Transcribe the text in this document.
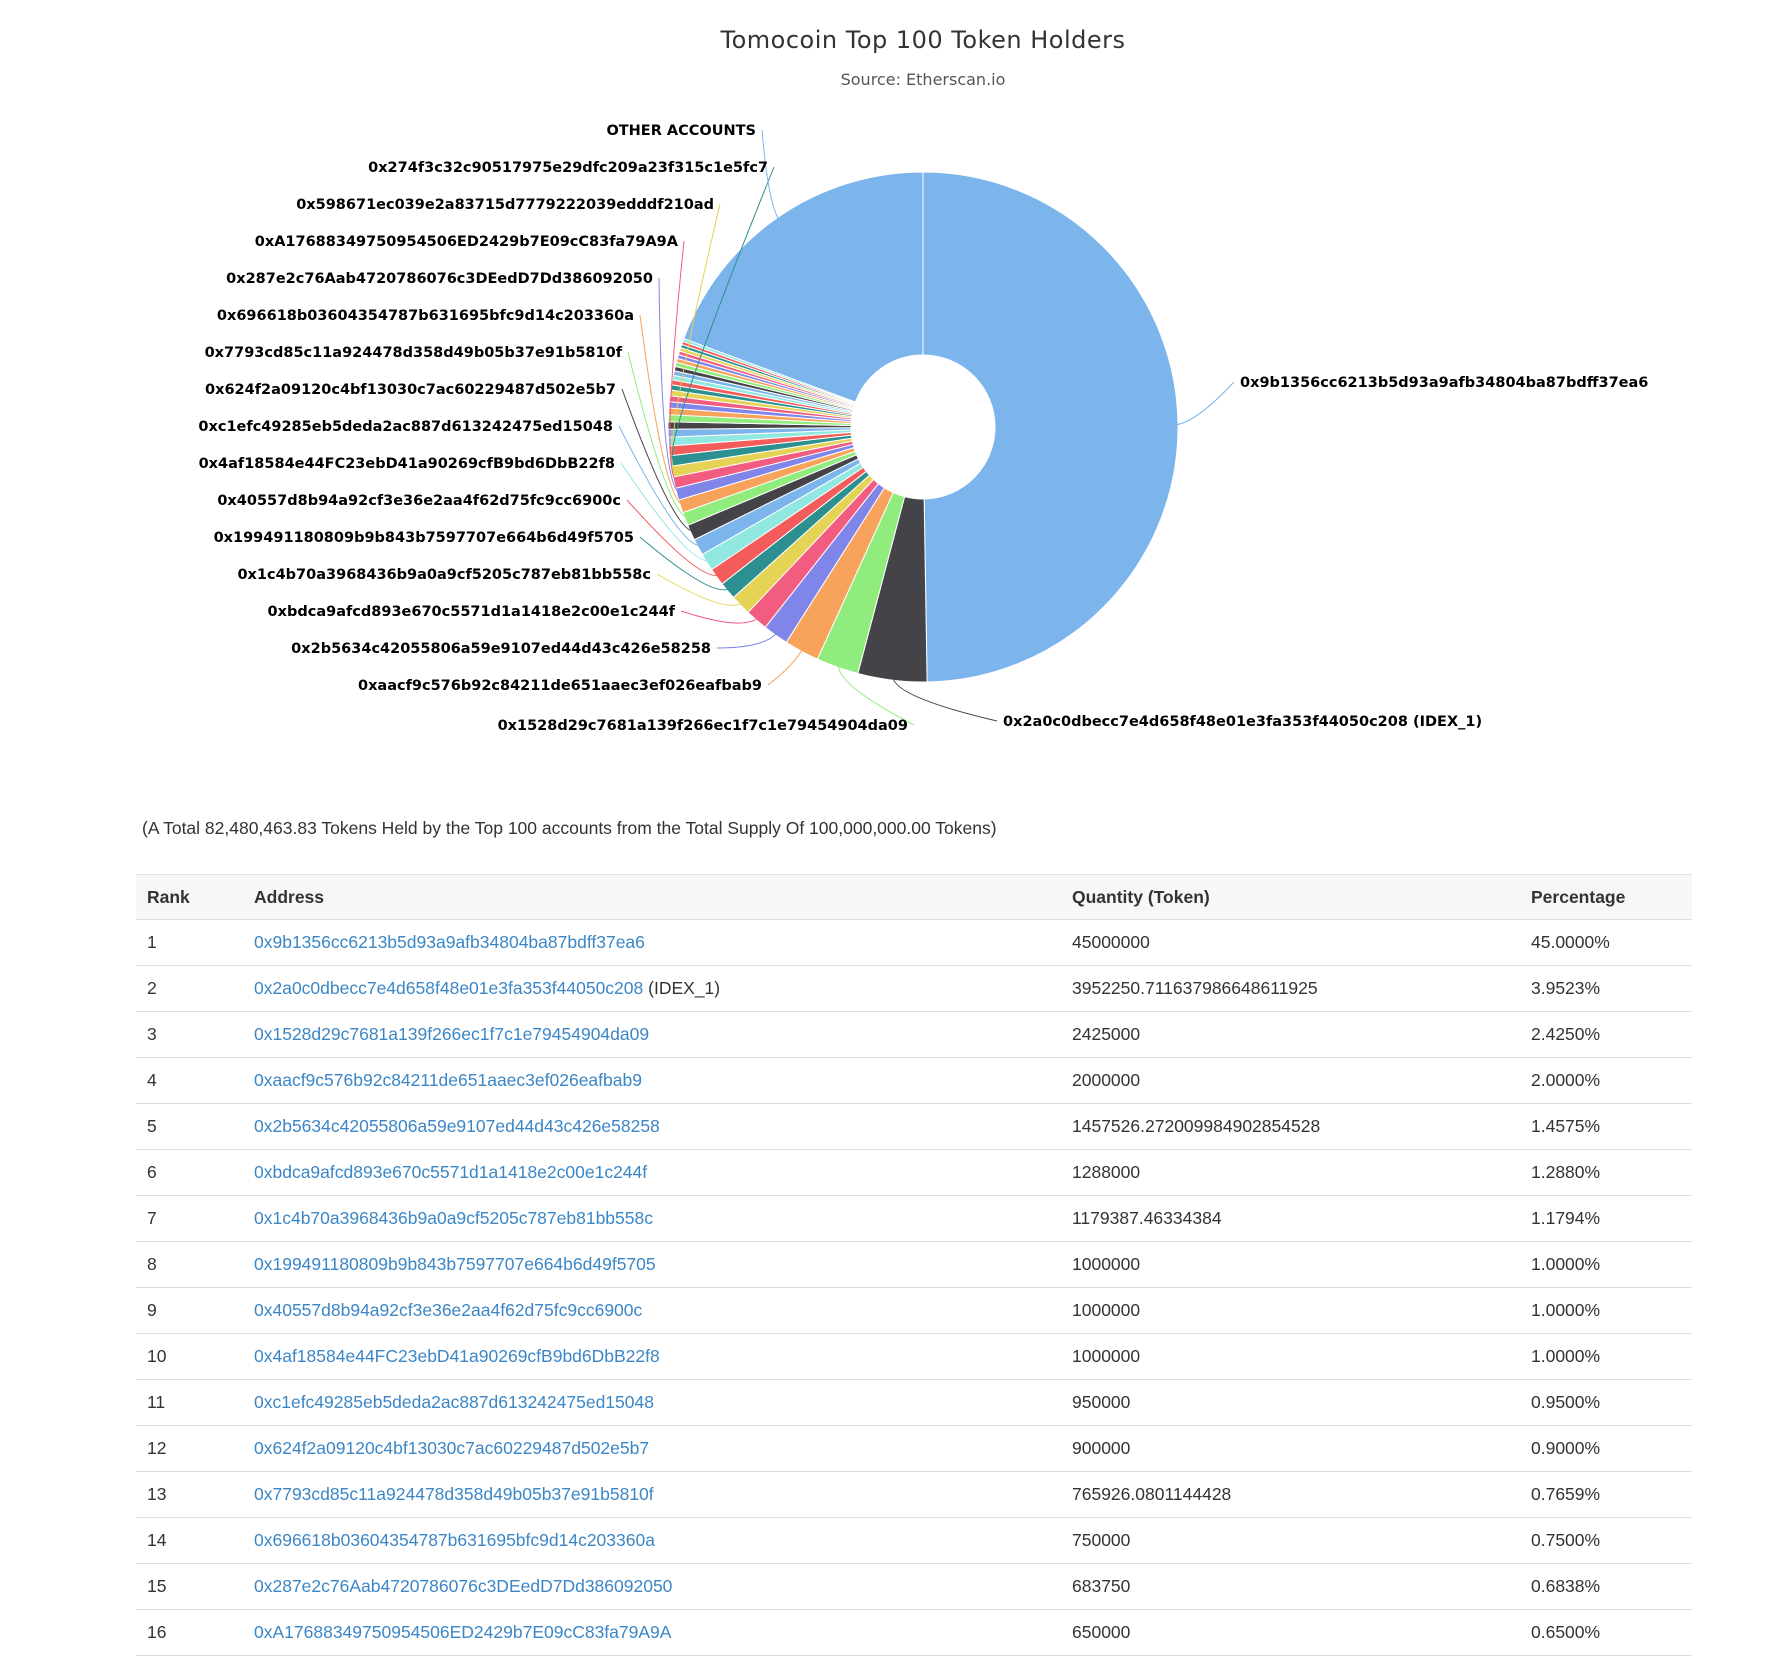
Tomocoin Top 100 Token Holders
Source: Etherscan.io
0x9b1356cc6213b5d93a9afb34804ba87bdff37ea6
0x2a0c0dbecc7e4d658f48e01e3fa353f44050c208 (IDEX_1)
0x1528d29c7681a139f266ec1f7c1e79454904da09
0xaacf9c576b92c84211de651aaec3ef026eafbab9
0x2b5634c42055806a59e9107ed44d43c426e58258
0xbdca9afcd893e670c5571d1a1418e2c00e1c244f
0x1c4b70a3968436b9a0a9cf5205c787eb81bb558c
0x199491180809b9b843b7597707e664b6d49f5705
0x40557d8b94a92cf3e36e2aa4f62d75fc9cc6900c
0x4af18584e44FC23ebD41a90269cfB9bd6DbB22f8
0xc1efc49285eb5deda2ac887d613242475ed15048
0x624f2a09120c4bf13030c7ac60229487d502e5b7
0x7793cd85c11a924478d358d49b05b37e91b5810f
0x696618b03604354787b631695bfc9d14c203360a
0x287e2c76Aab4720786076c3DEedD7Dd386092050
0xA17688349750954506ED2429b7E09cC83fa79A9A
0x598671ec039e2a83715d7779222039edddf210ad
0x274f3c32c90517975e29dfc209a23f315c1e5fc7
OTHER ACCOUNTS
(A Total 82,480,463.83 Tokens Held by the Top 100 accounts from the Total Supply Of 100,000,000.00 Tokens)
Rank	Address	Quantity (Token)	Percentage
1	0x9b1356cc6213b5d93a9afb34804ba87bdff37ea6	45000000	45.0000%
2	0x2a0c0dbecc7e4d658f48e01e3fa353f44050c208 (IDEX_1)	3952250.711637986648611925	3.9523%
3	0x1528d29c7681a139f266ec1f7c1e79454904da09	2425000	2.4250%
4	0xaacf9c576b92c84211de651aaec3ef026eafbab9	2000000	2.0000%
5	0x2b5634c42055806a59e9107ed44d43c426e58258	1457526.272009984902854528	1.4575%
6	0xbdca9afcd893e670c5571d1a1418e2c00e1c244f	1288000	1.2880%
7	0x1c4b70a3968436b9a0a9cf5205c787eb81bb558c	1179387.46334384	1.1794%
8	0x199491180809b9b843b7597707e664b6d49f5705	1000000	1.0000%
9	0x40557d8b94a92cf3e36e2aa4f62d75fc9cc6900c	1000000	1.0000%
10	0x4af18584e44FC23ebD41a90269cfB9bd6DbB22f8	1000000	1.0000%
11	0xc1efc49285eb5deda2ac887d613242475ed15048	950000	0.9500%
12	0x624f2a09120c4bf13030c7ac60229487d502e5b7	900000	0.9000%
13	0x7793cd85c11a924478d358d49b05b37e91b5810f	765926.0801144428	0.7659%
14	0x696618b03604354787b631695bfc9d14c203360a	750000	0.7500%
15	0x287e2c76Aab4720786076c3DEedD7Dd386092050	683750	0.6838%
16	0xA17688349750954506ED2429b7E09cC83fa79A9A	650000	0.6500%
